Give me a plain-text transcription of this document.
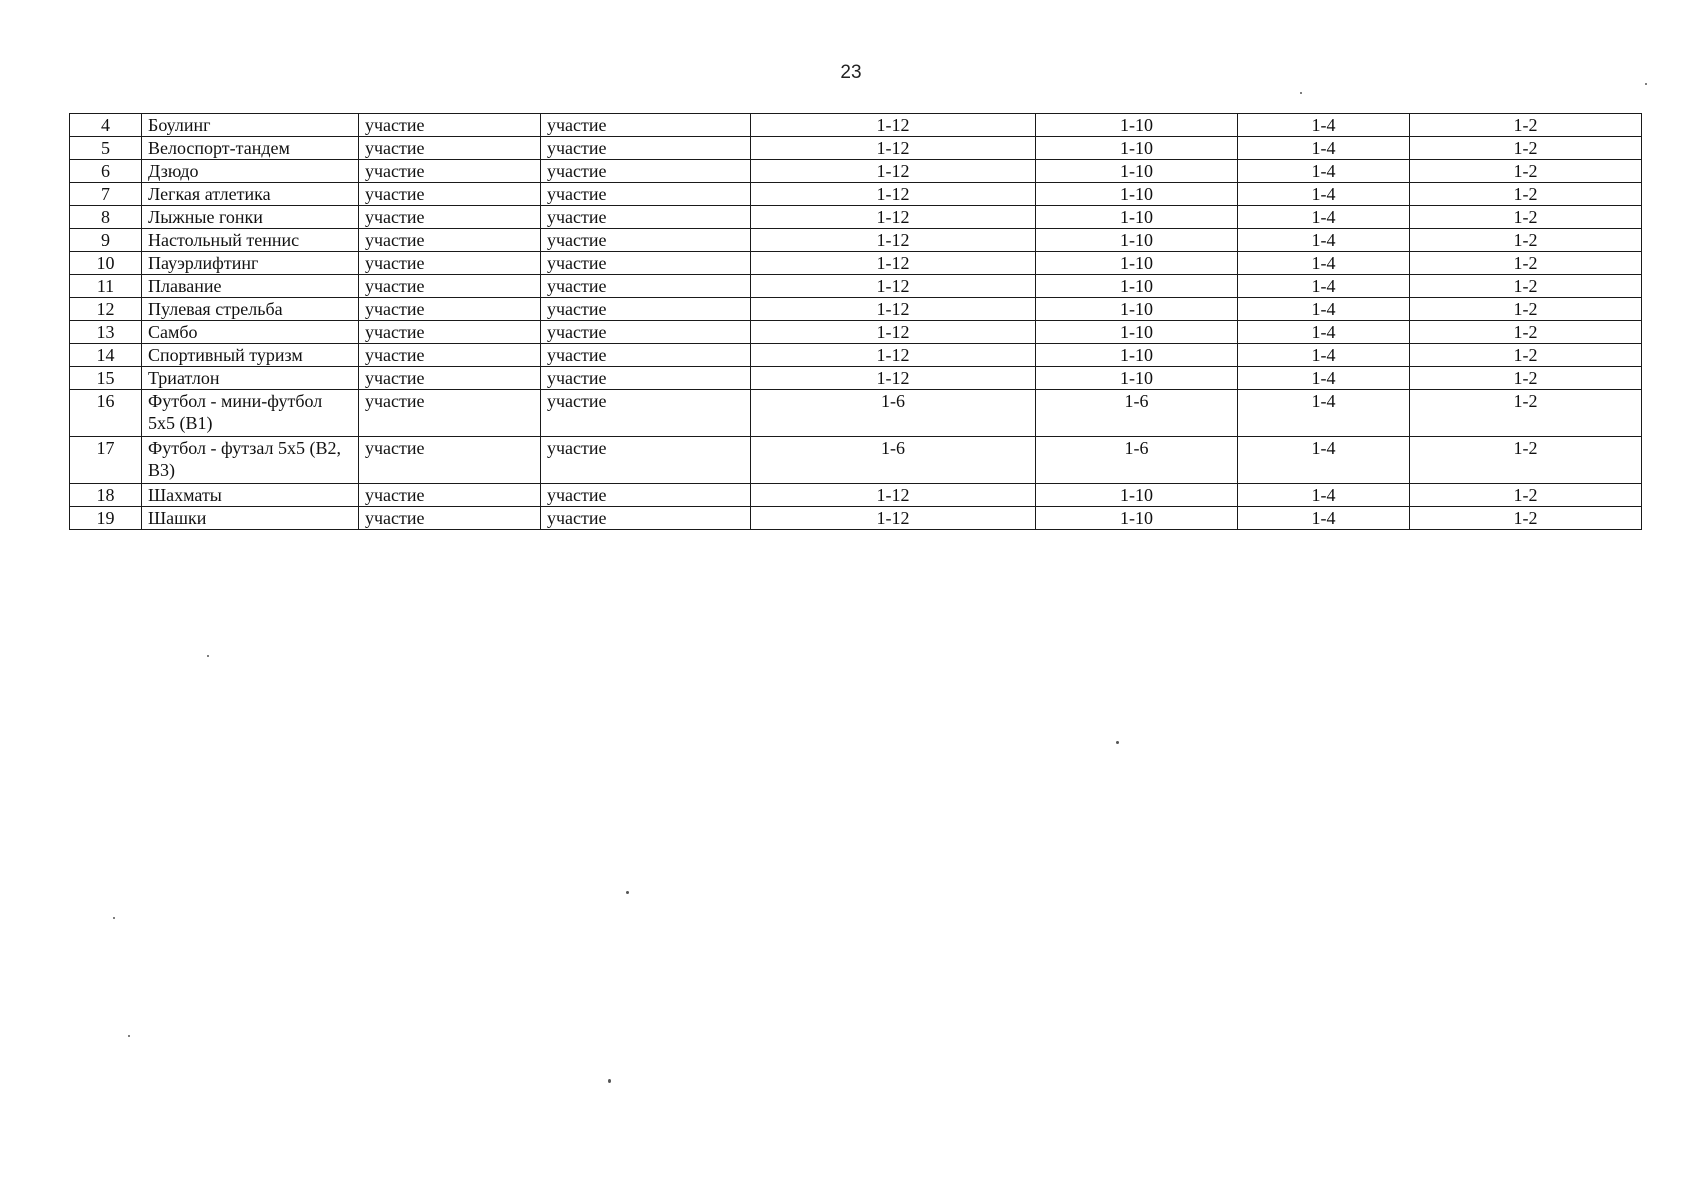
23
4	Боулинг	участие	участие	1-12	1-10	1-4	1-2
5	Велоспорт-тандем	участие	участие	1-12	1-10	1-4	1-2
6	Дзюдо	участие	участие	1-12	1-10	1-4	1-2
7	Легкая атлетика	участие	участие	1-12	1-10	1-4	1-2
8	Лыжные гонки	участие	участие	1-12	1-10	1-4	1-2
9	Настольный теннис	участие	участие	1-12	1-10	1-4	1-2
10	Пауэрлифтинг	участие	участие	1-12	1-10	1-4	1-2
11	Плавание	участие	участие	1-12	1-10	1-4	1-2
12	Пулевая стрельба	участие	участие	1-12	1-10	1-4	1-2
13	Самбо	участие	участие	1-12	1-10	1-4	1-2
14	Спортивный туризм	участие	участие	1-12	1-10	1-4	1-2
15	Триатлон	участие	участие	1-12	1-10	1-4	1-2
16	Футбол - мини-футбол 5х5 (В1)	участие	участие	1-6	1-6	1-4	1-2
17	Футбол - футзал 5х5 (В2, В3)	участие	участие	1-6	1-6	1-4	1-2
18	Шахматы	участие	участие	1-12	1-10	1-4	1-2
19	Шашки	участие	участие	1-12	1-10	1-4	1-2
